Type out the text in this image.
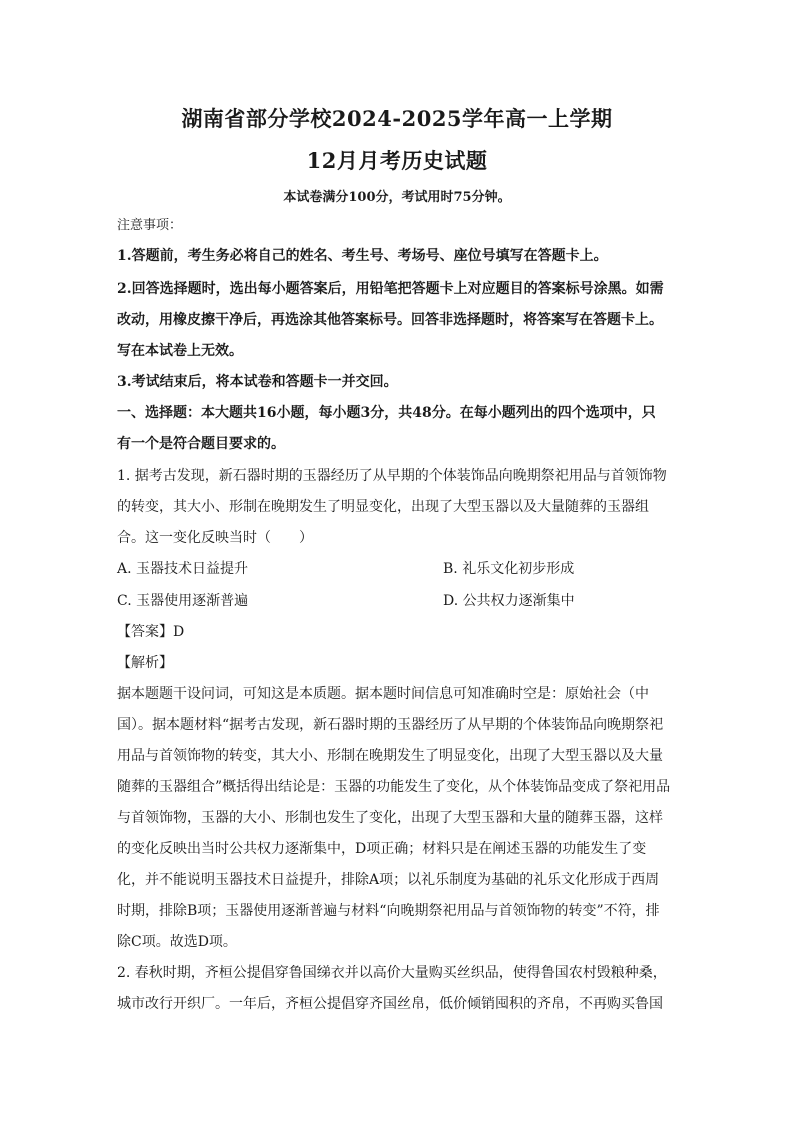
湖南省部分学校2024-2025学年高一上学期
12月月考历史试题
本试卷满分100分，考试用时75分钟。
注意事项：
1.答题前，考生务必将自己的姓名、考生号、考场号、座位号填写在答题卡上。
2.回答选择题时，选出每小题答案后，用铅笔把答题卡上对应题目的答案标号涂黑。如需
改动，用橡皮擦干净后，再选涂其他答案标号。回答非选择题时，将答案写在答题卡上。
写在本试卷上无效。
3.考试结束后，将本试卷和答题卡一并交回。
一、选择题：本大题共16小题，每小题3分，共48分。在每小题列出的四个选项中，只
有一个是符合题目要求的。
1. 据考古发现，新石器时期的玉器经历了从早期的个体装饰品向晚期祭祀用品与首领饰物
的转变，其大小、形制在晚期发生了明显变化，出现了大型玉器以及大量随葬的玉器组
合。这一变化反映当时（　　）
A. 玉器技术日益提升	B. 礼乐文化初步形成
C. 玉器使用逐渐普遍	D. 公共权力逐渐集中
【答案】D
【解析】
据本题题干设问词，可知这是本质题。据本题时间信息可知准确时空是：原始社会（中
国）。据本题材料“据考古发现，新石器时期的玉器经历了从早期的个体装饰品向晚期祭祀
用品与首领饰物的转变，其大小、形制在晚期发生了明显变化，出现了大型玉器以及大量
随葬的玉器组合”概括得出结论是：玉器的功能发生了变化，从个体装饰品变成了祭祀用品
与首领饰物，玉器的大小、形制也发生了变化，出现了大型玉器和大量的随葬玉器，这样
的变化反映出当时公共权力逐渐集中，D项正确；材料只是在阐述玉器的功能发生了变
化，并不能说明玉器技术日益提升，排除A项；以礼乐制度为基础的礼乐文化形成于西周
时期，排除B项；玉器使用逐渐普遍与材料“向晚期祭祀用品与首领饰物的转变”不符，排
除C项。故选D项。
2. 春秋时期，齐桓公提倡穿鲁国绨衣并以高价大量购买丝织品，使得鲁国农村毁粮种桑，
城市改行开织厂。一年后，齐桓公提倡穿齐国丝帛，低价倾销囤积的齐帛，不再购买鲁国
